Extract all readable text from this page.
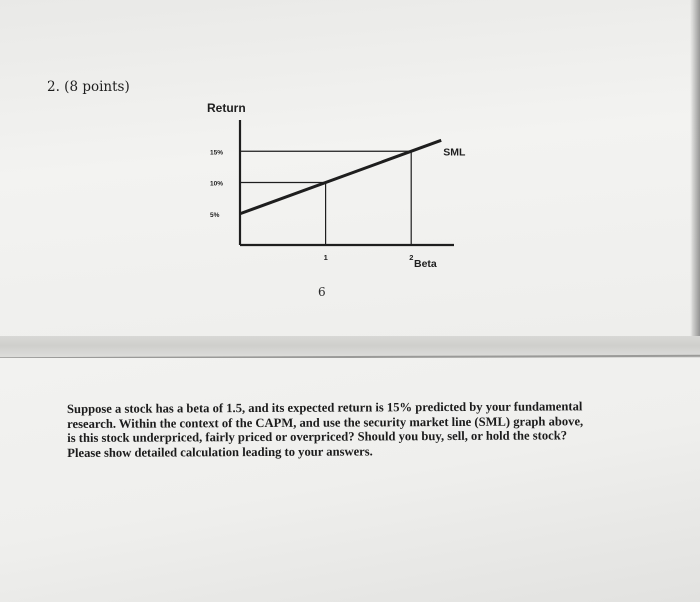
2. (8 points)

Return
Beta
5%
10%
15%
1	2
SML

6

Suppose a stock has a beta of 1.5, and its expected return is 15% predicted by your fundamental
research. Within the context of the CAPM, and use the security market line (SML) graph above,
is this stock underpriced, fairly priced or overpriced? Should you buy, sell, or hold the stock?
Please show detailed calculation leading to your answers.
